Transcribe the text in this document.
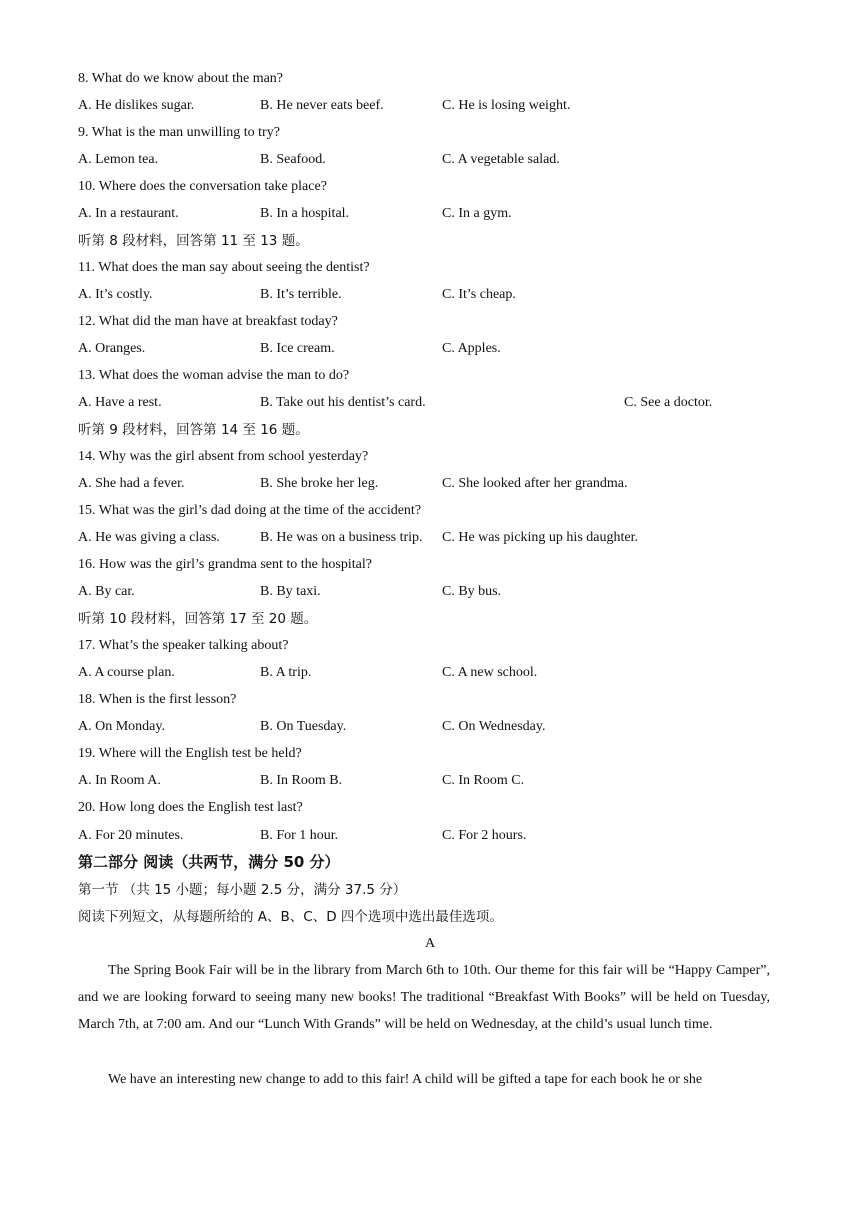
8. What do we know about the man?
A. He dislikes sugar.	B. He never eats beef.	C. He is losing weight.
9. What is the man unwilling to try?
A. Lemon tea.	B. Seafood.	C. A vegetable salad.
10. Where does the conversation take place?
A. In a restaurant.	B. In a hospital.	C. In a gym.
听第 8 段材料，回答第 11 至 13 题。
11. What does the man say about seeing the dentist?
A. It’s costly.	B. It’s terrible.	C. It’s cheap.
12. What did the man have at breakfast today?
A. Oranges.	B. Ice cream.	C. Apples.
13. What does the woman advise the man to do?
A. Have a rest.	B. Take out his dentist’s card.	C. See a doctor.
听第 9 段材料，回答第 14 至 16 题。
14. Why was the girl absent from school yesterday?
A. She had a fever.	B. She broke her leg.	C. She looked after her grandma.
15. What was the girl’s dad doing at the time of the accident?
A. He was giving a class.	B. He was on a business trip. C. He was picking up his daughter.
16. How was the girl’s grandma sent to the hospital?
A. By car.	B. By taxi.	C. By bus.
听第 10 段材料，回答第 17 至 20 题。
17. What’s the speaker talking about?
A. A course plan.	B. A trip.	C. A new school.
18. When is the first lesson?
A. On Monday.	B. On Tuesday.	C. On Wednesday.
19. Where will the English test be held?
A. In Room A.	B. In Room B.	C. In Room C.
20. How long does the English test last?
A. For 20 minutes.	B. For 1 hour.	C. For 2 hours.
第二部分 阅读（共两节，满分 50 分）
第一节 （共 15 小题；每小题 2.5 分，满分 37.5 分）
阅读下列短文，从每题所给的 A、B、C、D 四个选项中选出最佳选项。
A
The Spring Book Fair will be in the library from March 6th to 10th. Our theme for this fair will be “Happy Camper”, and we are looking forward to seeing many new books! The traditional “Breakfast With Books” will be held on Tuesday, March 7th, at 7:00 am. And our “Lunch With Grands” will be held on Wednesday, at the child’s usual lunch time.
We have an interesting new change to add to this fair! A child will be gifted a tape for each book he or she
